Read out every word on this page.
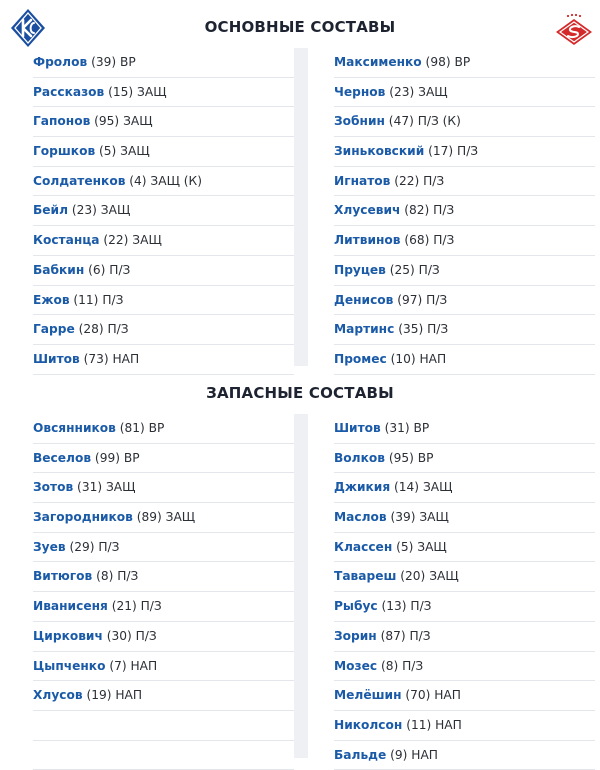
ОСНОВНЫЕ СОСТАВЫ
Фролов (39) ВР
Рассказов (15) ЗАЩ
Гапонов (95) ЗАЩ
Горшков (5) ЗАЩ
Солдатенков (4) ЗАЩ (К)
Бейл (23) ЗАЩ
Костанца (22) ЗАЩ
Бабкин (6) П/З
Ежов (11) П/З
Гарре (28) П/З
Шитов (73) НАП
Максименко (98) ВР
Чернов (23) ЗАЩ
Зобнин (47) П/З (К)
Зиньковский (17) П/З
Игнатов (22) П/З
Хлусевич (82) П/З
Литвинов (68) П/З
Пруцев (25) П/З
Денисов (97) П/З
Мартинс (35) П/З
Промес (10) НАП
ЗАПАСНЫЕ СОСТАВЫ
Овсянников (81) ВР
Веселов (99) ВР
Зотов (31) ЗАЩ
Загородников (89) ЗАЩ
Зуев (29) П/З
Витюгов (8) П/З
Иванисеня (21) П/З
Циркович (30) П/З
Цыпченко (7) НАП
Хлусов (19) НАП
Шитов (31) ВР
Волков (95) ВР
Джикия (14) ЗАЩ
Маслов (39) ЗАЩ
Классен (5) ЗАЩ
Тавареш (20) ЗАЩ
Рыбус (13) П/З
Зорин (87) П/З
Мозес (8) П/З
Мелёшин (70) НАП
Николсон (11) НАП
Бальде (9) НАП
